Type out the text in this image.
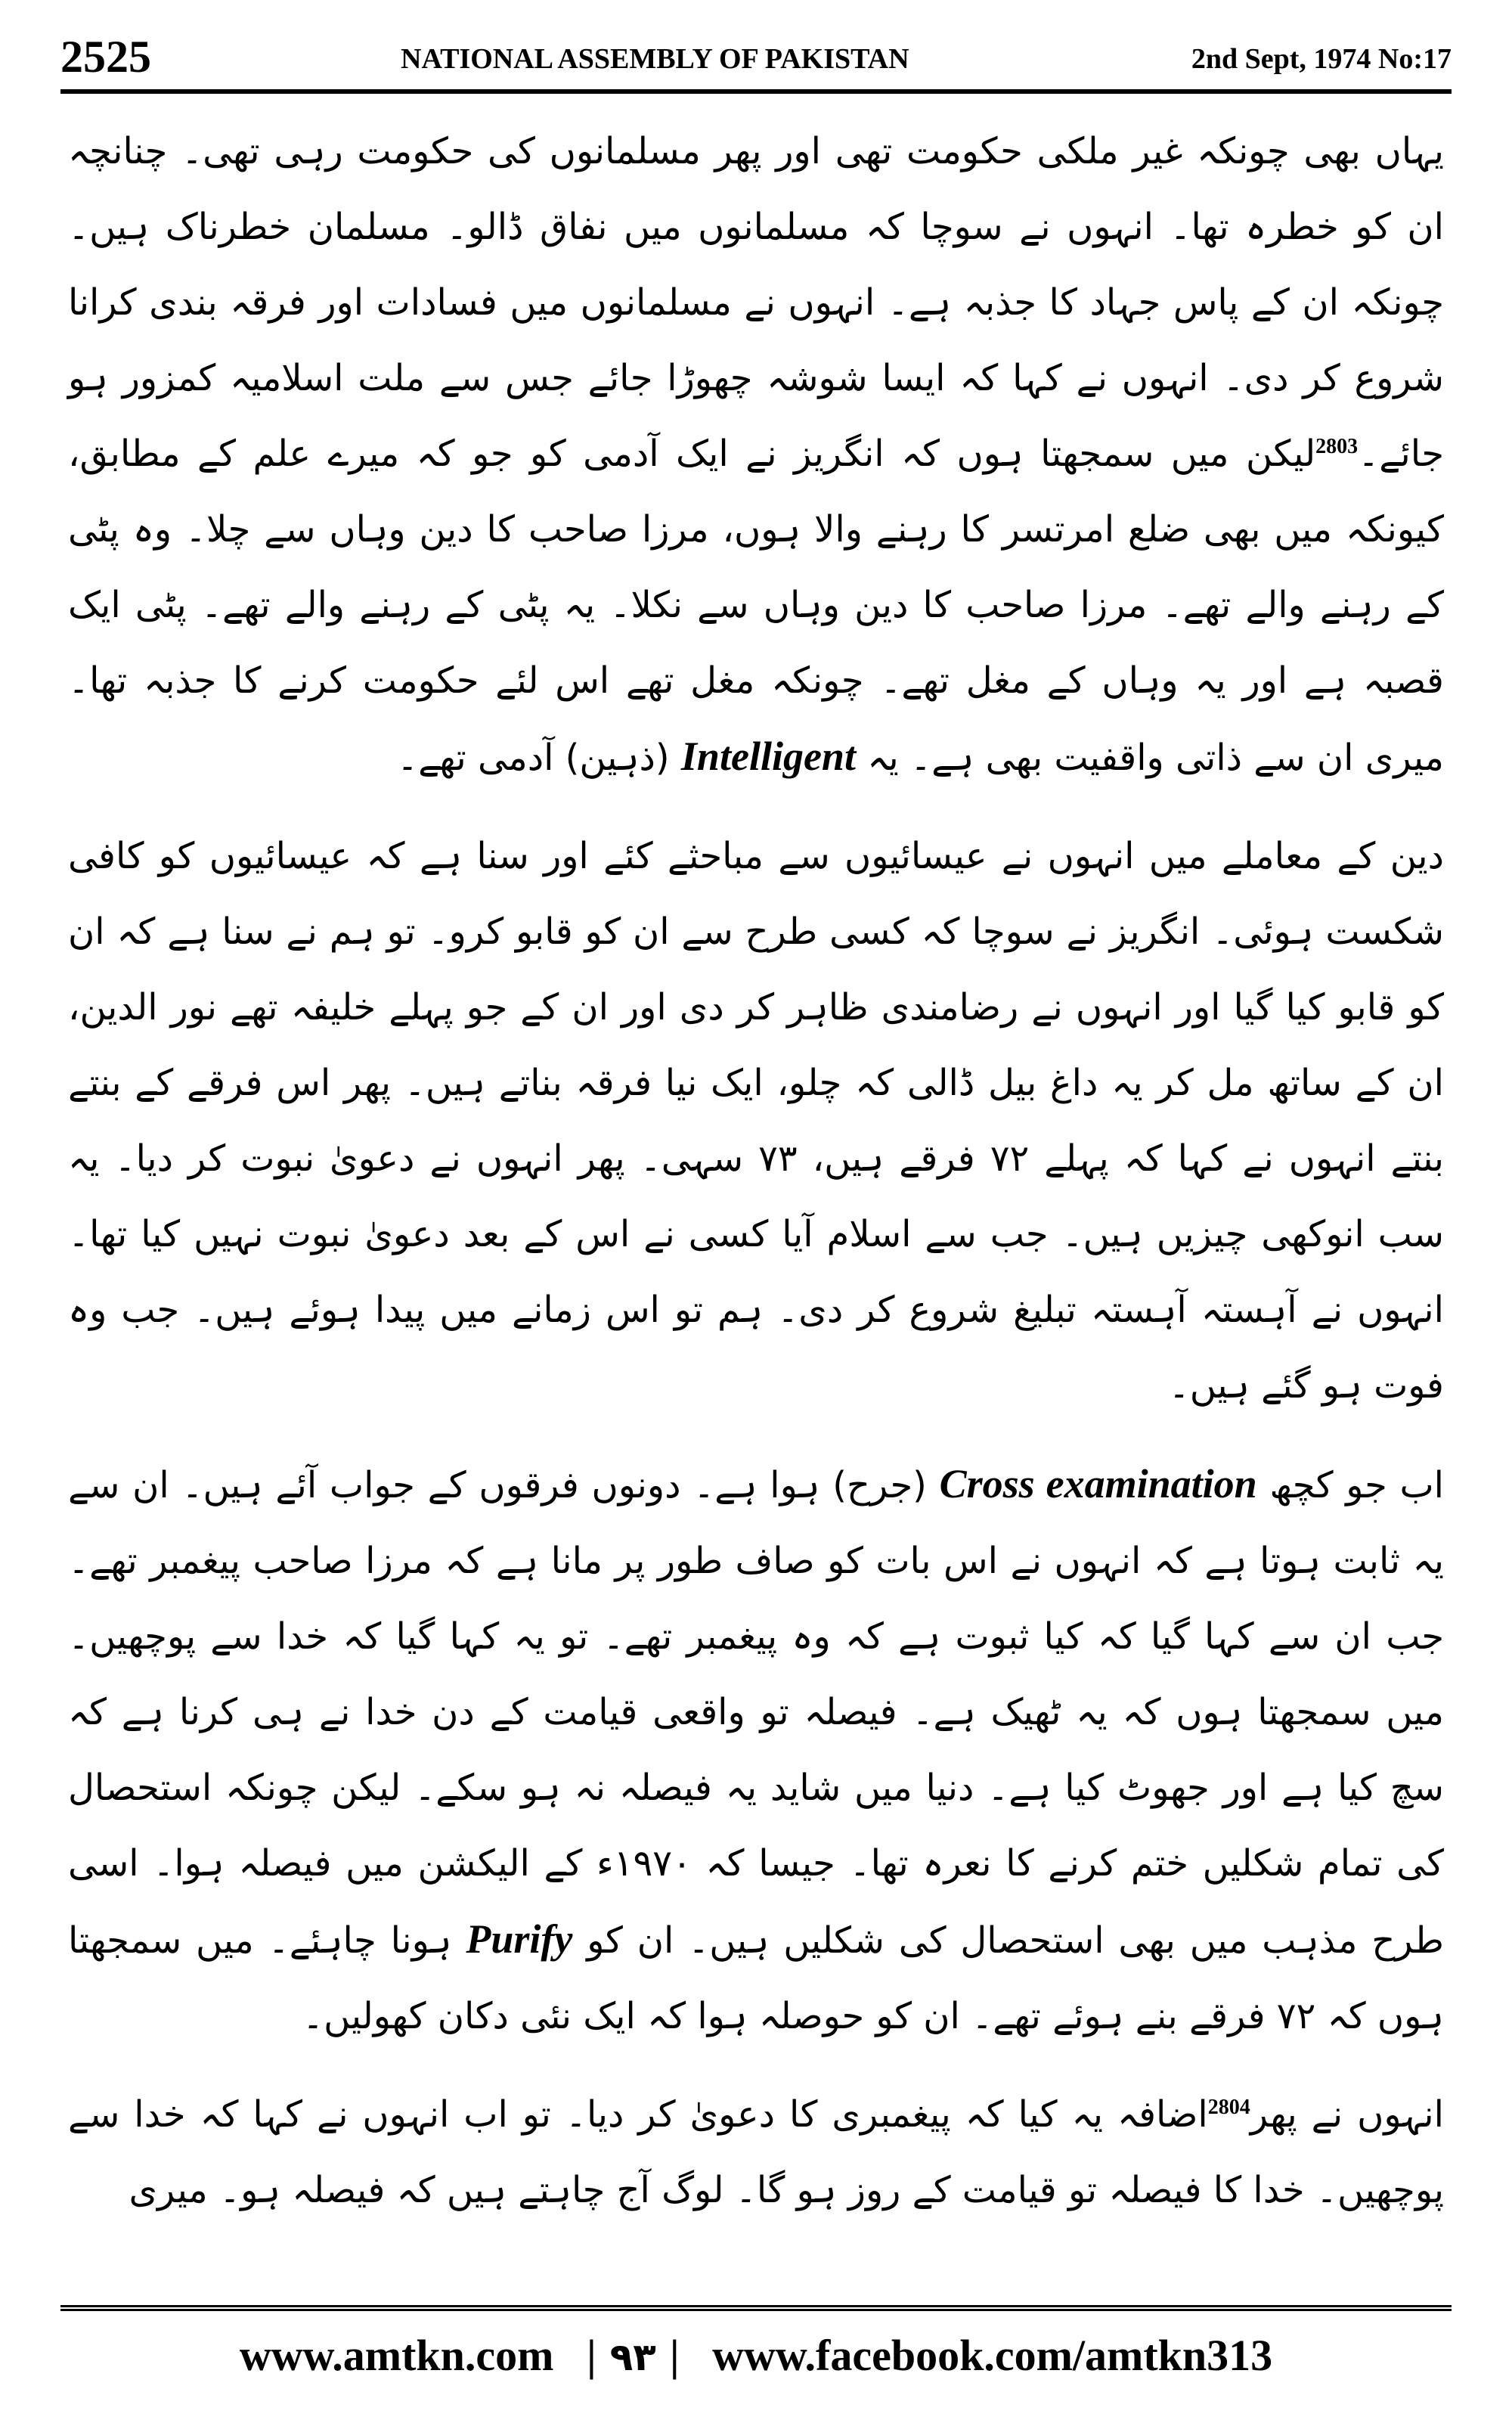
2525	NATIONAL ASSEMBLY OF PAKISTAN	2nd Sept, 1974 No:17

یہاں بھی چونکہ غیر ملکی حکومت تھی اور پھر مسلمانوں کی حکومت رہی تھی۔ چنانچہ ان کو خطرہ تھا۔ انہوں نے سوچا کہ مسلمانوں میں نفاق ڈالو۔ مسلمان خطرناک ہیں۔ چونکہ ان کے پاس جہاد کا جذبہ ہے۔ انہوں نے مسلمانوں میں فسادات اور فرقہ بندی کرانا شروع کر دی۔ انہوں نے کہا کہ ایسا شوشہ چھوڑا جائے جس سے ملت اسلامیہ کمزور ہو جائے۔$^{2803}$لیکن میں سمجھتا ہوں کہ انگریز نے ایک آدمی کو جو کہ میرے علم کے مطابق، کیونکہ میں بھی ضلع امرتسر کا رہنے والا ہوں، مرزا صاحب کا دین وہاں سے چلا۔ وہ پٹی کے رہنے والے تھے۔ مرزا صاحب کا دین وہاں سے نکلا۔ یہ پٹی کے رہنے والے تھے۔ پٹی ایک قصبہ ہے اور یہ وہاں کے مغل تھے۔ چونکہ مغل تھے اس لئے حکومت کرنے کا جذبہ تھا۔ میری ان سے ذاتی واقفیت بھی ہے۔ یہ Intelligent (ذہین) آدمی تھے۔

دین کے معاملے میں انہوں نے عیسائیوں سے مباحثے کئے اور سنا ہے کہ عیسائیوں کو کافی شکست ہوئی۔ انگریز نے سوچا کہ کسی طرح سے ان کو قابو کرو۔ تو ہم نے سنا ہے کہ ان کو قابو کیا گیا اور انہوں نے رضامندی ظاہر کر دی اور ان کے جو پہلے خلیفہ تھے نور الدین، ان کے ساتھ مل کر یہ داغ بیل ڈالی کہ چلو، ایک نیا فرقہ بناتے ہیں۔ پھر اس فرقے کے بنتے بنتے انہوں نے کہا کہ پہلے ۷۲ فرقے ہیں، ۷۳ سہی۔ پھر انہوں نے دعویٰ نبوت کر دیا۔ یہ سب انوکھی چیزیں ہیں۔ جب سے اسلام آیا کسی نے اس کے بعد دعویٰ نبوت نہیں کیا تھا۔ انہوں نے آہستہ آہستہ تبلیغ شروع کر دی۔ ہم تو اس زمانے میں پیدا ہوئے ہیں۔ جب وہ فوت ہو گئے ہیں۔

اب جو کچھ Cross examination (جرح) ہوا ہے۔ دونوں فرقوں کے جواب آئے ہیں۔ ان سے یہ ثابت ہوتا ہے کہ انہوں نے اس بات کو صاف طور پر مانا ہے کہ مرزا صاحب پیغمبر تھے۔ جب ان سے کہا گیا کہ کیا ثبوت ہے کہ وہ پیغمبر تھے۔ تو یہ کہا گیا کہ خدا سے پوچھیں۔ میں سمجھتا ہوں کہ یہ ٹھیک ہے۔ فیصلہ تو واقعی قیامت کے دن خدا نے ہی کرنا ہے کہ سچ کیا ہے اور جھوٹ کیا ہے۔ دنیا میں شاید یہ فیصلہ نہ ہو سکے۔ لیکن چونکہ استحصال کی تمام شکلیں ختم کرنے کا نعرہ تھا۔ جیسا کہ ۱۹۷۰ء کے الیکشن میں فیصلہ ہوا۔ اسی طرح مذہب میں بھی استحصال کی شکلیں ہیں۔ ان کو Purify ہونا چاہئے۔ میں سمجھتا ہوں کہ ۷۲ فرقے بنے ہوئے تھے۔ ان کو حوصلہ ہوا کہ ایک نئی دکان کھولیں۔

انہوں نے پھر$^{2804}$اضافہ یہ کیا کہ پیغمبری کا دعویٰ کر دیا۔ تو اب انہوں نے کہا کہ خدا سے پوچھیں۔ خدا کا فیصلہ تو قیامت کے روز ہو گا۔ لوگ آج چاہتے ہیں کہ فیصلہ ہو۔ میری

www.amtkn.com   | ۹۳ |   www.facebook.com/amtkn313
